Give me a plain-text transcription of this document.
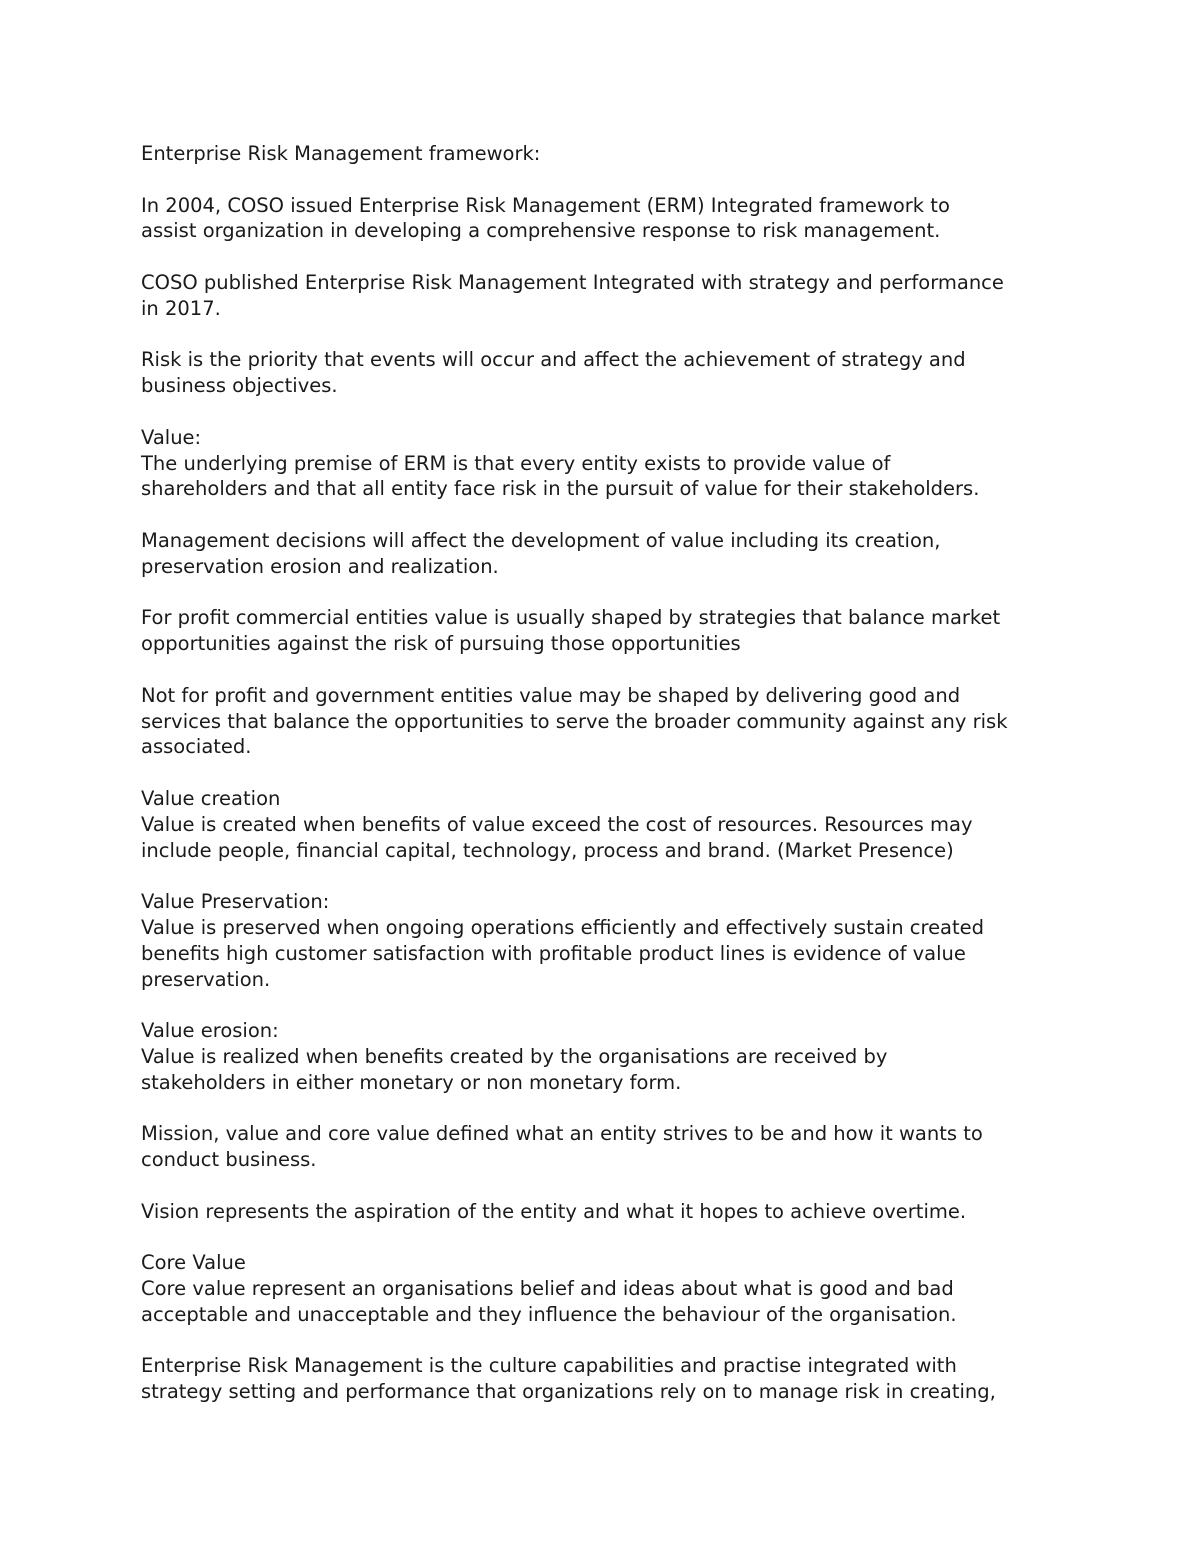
Enterprise Risk Management framework:

In 2004, COSO issued Enterprise Risk Management (ERM) Integrated framework to
assist organization in developing a comprehensive response to risk management.

COSO published Enterprise Risk Management Integrated with strategy and performance
in 2017.

Risk is the priority that events will occur and affect the achievement of strategy and
business objectives.

Value:
The underlying premise of ERM is that every entity exists to provide value of
shareholders and that all entity face risk in the pursuit of value for their stakeholders.

Management decisions will affect the development of value including its creation,
preservation erosion and realization.

For profit commercial entities value is usually shaped by strategies that balance market
opportunities against the risk of pursuing those opportunities

Not for profit and government entities value may be shaped by delivering good and
services that balance the opportunities to serve the broader community against any risk
associated.

Value creation
Value is created when benefits of value exceed the cost of resources. Resources may
include people, financial capital, technology, process and brand. (Market Presence)

Value Preservation:
Value is preserved when ongoing operations efficiently and effectively sustain created
benefits high customer satisfaction with profitable product lines is evidence of value
preservation.

Value erosion:
Value is realized when benefits created by the organisations are received by
stakeholders in either monetary or non monetary form.

Mission, value and core value defined what an entity strives to be and how it wants to
conduct business.

Vision represents the aspiration of the entity and what it hopes to achieve overtime.

Core Value
Core value represent an organisations belief and ideas about what is good and bad
acceptable and unacceptable and they influence the behaviour of the organisation.

Enterprise Risk Management is the culture capabilities and practise integrated with
strategy setting and performance that organizations rely on to manage risk in creating,
